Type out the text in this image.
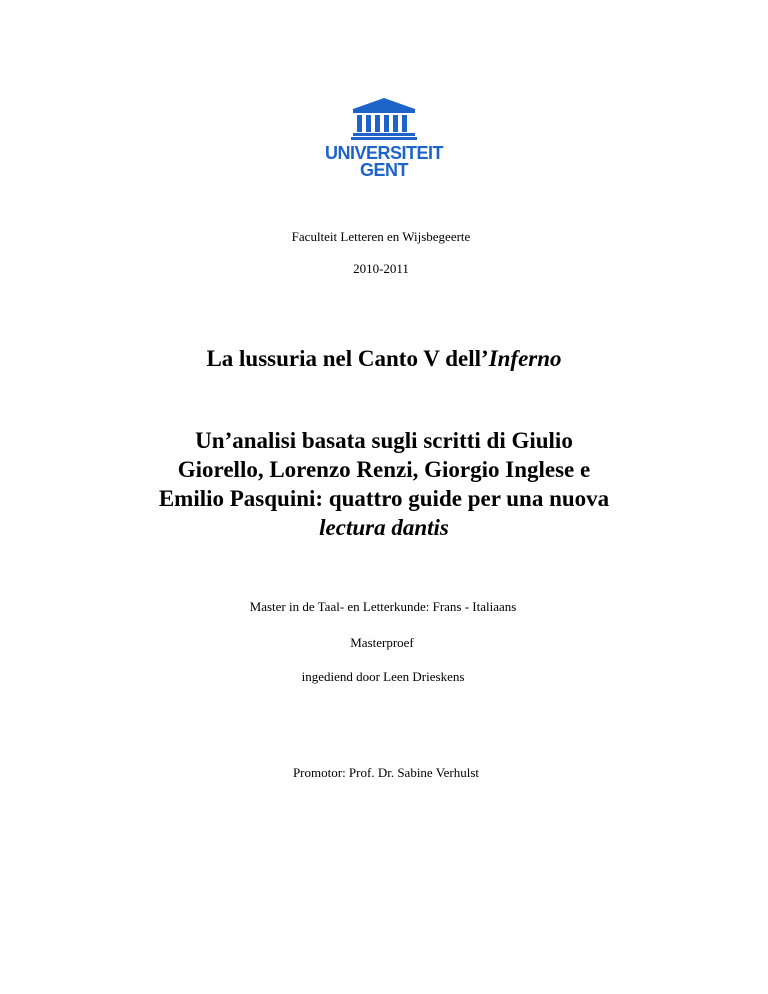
UNIVERSITEIT
GENT
Faculteit Letteren en Wijsbegeerte
2010-2011
La lussuria nel Canto V dell’Inferno
Un’analisi basata sugli scritti di Giulio
Giorello, Lorenzo Renzi, Giorgio Inglese e
Emilio Pasquini: quattro guide per una nuova
lectura dantis
Master in de Taal- en Letterkunde: Frans - Italiaans
Masterproef
ingediend door Leen Drieskens
Promotor: Prof. Dr. Sabine Verhulst
